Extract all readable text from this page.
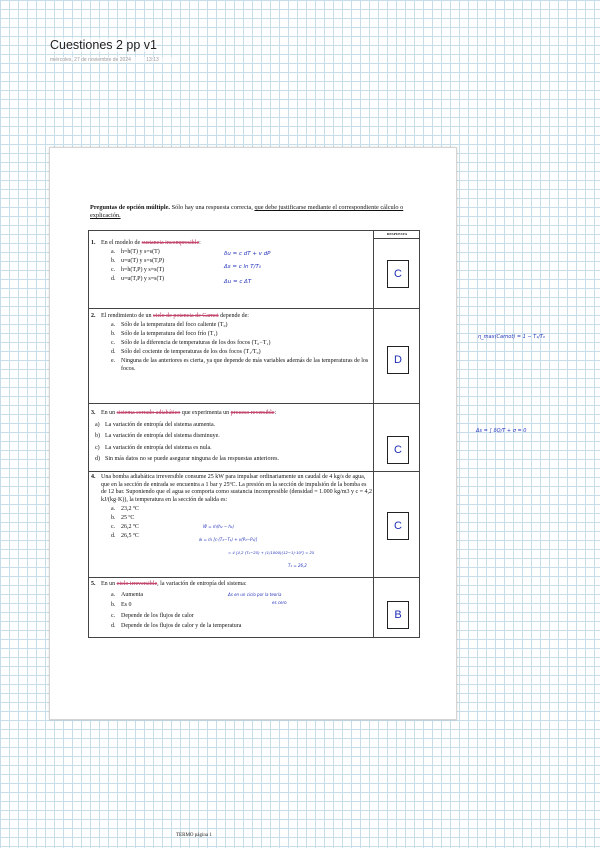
Cuestiones 2 pp v1
miércoles, 27 de noviembre de 2024	13:13
Preguntas de opción múltiple. Sólo hay una respuesta correcta, que debe justificarse mediante el correspondiente cálculo o explicación.
RESPUESTA
1. En el modelo de sustancia incompresible:
a. h=h(T) y s=s(T)
b. u=u(T) y s=s(T,P)
c. h=h(T,P) y s=s(T)
d. u=u(T,P) y s=s(T)	C
2. El rendimiento de un ciclo de potencia de Carnot depende de:
a. Sólo de la temperatura del foco caliente (T₀)
b. Sólo de la temperatura del foco frío (T₁)
c. Sólo de la diferencia de temperaturas de los dos focos (T₀−T₁)
d. Sólo del cociente de temperaturas de los dos focos (T₁/T₀)
e. Ninguna de las anteriores es cierta, ya que depende de más variables además de las temperaturas de los focos.
D
3. En un sistema cerrado adiabático que experimenta un proceso reversible:
a) La variación de entropía del sistema aumenta.
b) La variación de entropía del sistema disminuye.
c) La variación de entropía del sistema es nula.
d) Sin más datos no se puede asegurar ninguna de las respuestas anteriores.
C
4. Una bomba adiabática irreversible consume 25 kW para impulsar ordinariamente un caudal de 4 kg/s de agua, que en la sección de entrada se encuentra a 1 bar y 25ºC. La presión en la sección de impulsión de la bomba es de 12 bar. Suponiendo que el agua se comporta como sustancia incompresible (densidad = 1.000 kg/m3 y c = 4,2 kJ/(kg·K)), la temperatura en la sección de salida es:
a. 23,2 ºC
b. 25 ºC
c. 26,2 ºC
d. 26,5 ºC
C
5. En un ciclo irreversible, la variación de entropía del sistema:
a. Aumenta
b. Es 0
c. Depende de los flujos de calor
d. Depende de los flujos de calor y de la temperatura
B
δu = c dT + v dP
Δs = c ln T/T₀
Δu = c ΔT
η_max(Carnot) = 1 − T₁/T₀
Δs = ∫ δQ/T + σ = 0
Ẇ = ṁ(h₂ − h₁)
ẇ = ṁ [c·(T₂−T₁) + v(P₂−P₁)]
= 4 [4,2 (T₂−25) + (1/1000)(12−1)·10²] = 25
T₂ = 26,2
Δs en un ciclo por la teoría
es cero
TERMO página 1
